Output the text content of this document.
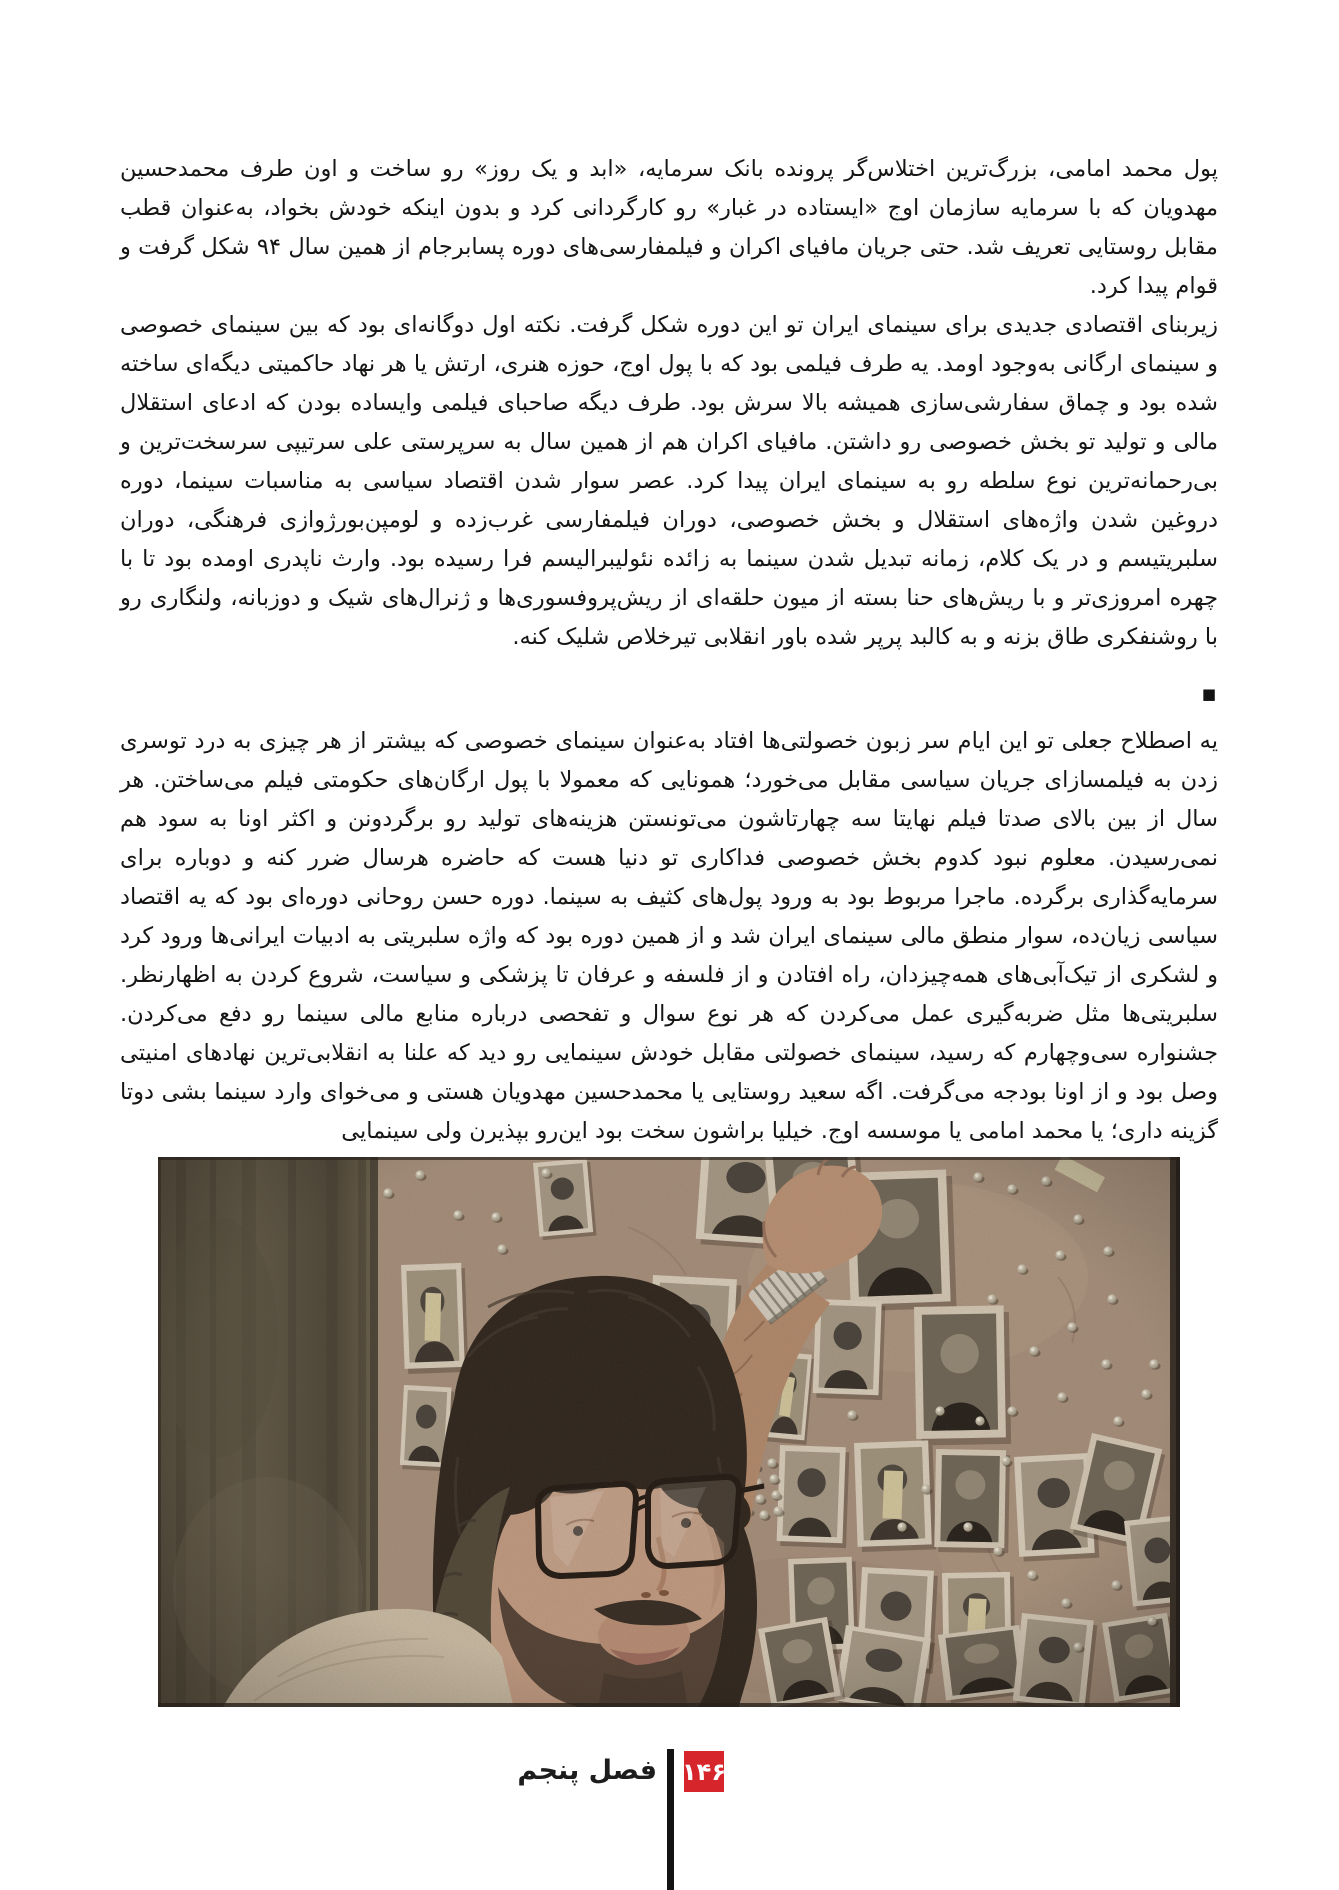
پول محمد امامی، بزرگ‌ترین اختلاس‌گر پرونده بانک سرمایه، «ابد و یک روز» رو ساخت و اون طرف محمدحسین مهدویان که با سرمایه سازمان اوج «ایستاده در غبار» رو کارگردانی کرد و بدون اینکه خودش بخواد، به‌عنوان قطب مقابل روستایی تعریف شد. حتی جریان مافیای اکران و فیلمفارسی‌های دوره پسابرجام از همین سال ۹۴ شکل گرفت و قوام پیدا کرد.

زیربنای اقتصادی جدیدی برای سینمای ایران تو این دوره شکل گرفت. نکته اول دوگانه‌ای بود که بین سینمای خصوصی و سینمای ارگانی به‌وجود اومد. یه طرف فیلمی بود که با پول اوج، حوزه هنری، ارتش یا هر نهاد حاکمیتی دیگه‌ای ساخته شده بود و چماق سفارشی‌سازی همیشه بالا سرش بود. طرف دیگه صاحبای فیلمی وایساده بودن که ادعای استقلال مالی و تولید تو بخش خصوصی رو داشتن. مافیای اکران هم از همین سال به سرپرستی علی سرتیپی سرسخت‌ترین و بی‌رحمانه‌ترین نوع سلطه رو به سینمای ایران پیدا کرد. عصر سوار شدن اقتصاد سیاسی به مناسبات سینما، دوره دروغین شدن واژه‌های استقلال و بخش خصوصی، دوران فیلمفارسی غرب‌زده و لومپن‌بورژوازی فرهنگی، دوران سلبریتیسم و در یک کلام، زمانه تبدیل شدن سینما به زائده نئولیبرالیسم فرا رسیده بود. وارث ناپدری اومده بود تا با چهره امروزی‌تر و با ریش‌های حنا بسته از میون حلقه‌ای از ریش‌پروفسوری‌ها و ژنرال‌های شیک و دوزبانه، ولنگاری رو با روشنفکری طاق بزنه و به کالبد پرپر شده باور انقلابی تیرخلاص شلیک کنه.

■

یه اصطلاح جعلی تو این ایام سر زبون خصولتی‌ها افتاد به‌عنوان سینمای خصوصی که بیشتر از هر چیزی به درد توسری زدن به فیلمسازای جریان سیاسی مقابل می‌خورد؛ همونایی که معمولا با پول ارگان‌های حکومتی فیلم می‌ساختن. هر سال از بین بالای صدتا فیلم نهایتا سه چهارتاشون می‌تونستن هزینه‌های تولید رو برگردونن و اکثر اونا به سود هم نمی‌رسیدن. معلوم نبود کدوم بخش خصوصی فداکاری تو دنیا هست که حاضره هرسال ضرر کنه و دوباره برای سرمایه‌گذاری برگرده. ماجرا مربوط بود به ورود پول‌های کثیف به سینما. دوره حسن روحانی دوره‌ای بود که یه اقتصاد سیاسی زیان‌ده، سوار منطق مالی سینمای ایران شد و از همین دوره بود که واژه سلبریتی به ادبیات ایرانی‌ها ورود کرد و لشکری از تیک‌آبی‌های همه‌چیزدان، راه افتادن و از فلسفه و عرفان تا پزشکی و سیاست، شروع کردن به اظهارنظر. سلبریتی‌ها مثل ضربه‌گیری عمل می‌کردن که هر نوع سوال و تفحصی درباره منابع مالی سینما رو دفع می‌کردن. جشنواره سی‌وچهارم که رسید، سینمای خصولتی مقابل خودش سینمایی رو دید که علنا به انقلابی‌ترین نهادهای امنیتی وصل بود و از اونا بودجه می‌گرفت. اگه سعید روستایی یا محمدحسین مهدویان هستی و می‌خوای وارد سینما بشی دوتا گزینه داری؛ یا محمد امامی یا موسسه اوج. خیلیا براشون سخت بود این‌رو بپذیرن ولی سینمایی

فصل پنجم ۱۴۶
